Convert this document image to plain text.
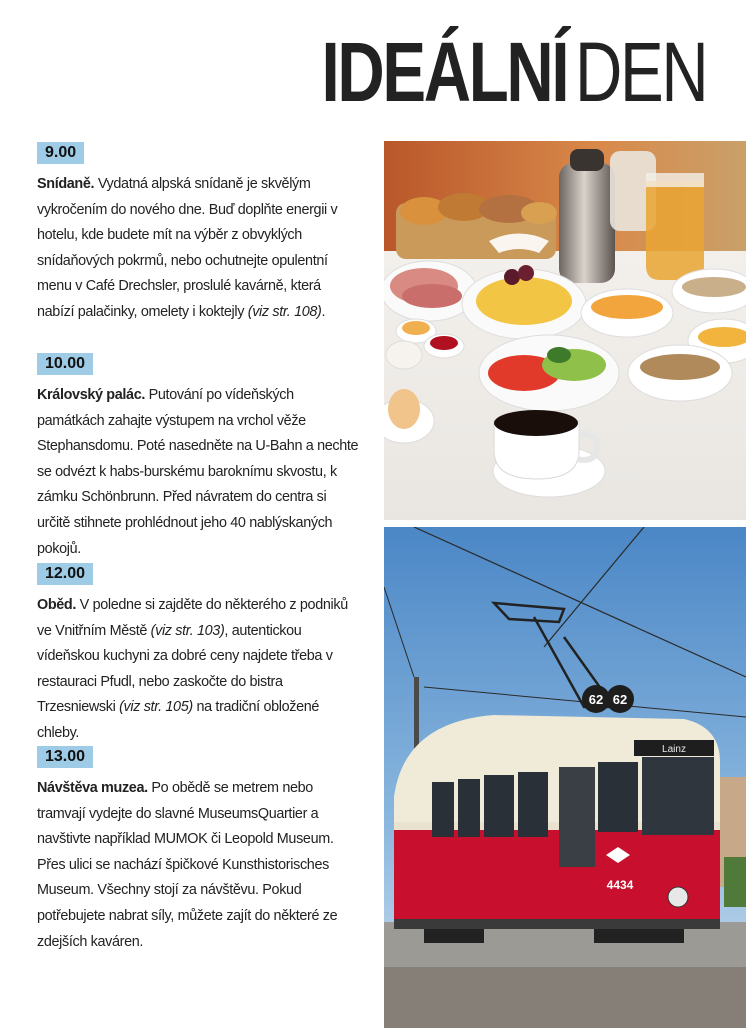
IDEÁLNÍDEN
9.00

Snídaně. Vydatná alpská snídaně je skvělým vykročením do nového dne. Buď doplňte energii v hotelu, kde budete mít na výběr z obvyklých snídaňových pokrmů, nebo ochutnejte opulentní menu v Café Drechsler, proslulé kavárně, která nabízí palačinky, omelety i koktejly (viz str. 108).

10.00

Královský palác. Putování po vídeňských památkách zahajte výstupem na vrchol věže Stephansdomu. Poté nasedněte na U-Bahn a nechte se odvézt k habs-burskému baroknímu skvostu, k zámku Schönbrunn. Před návratem do centra si určitě stihnete prohlédnout jeho 40 nablýskaných pokojů.

12.00

Oběd. V poledne si zajděte do některého z podniků ve Vnitřním Městě (viz str. 103), autentickou vídeňskou kuchyni za dobré ceny najdete třeba v restauraci Pfudl, nebo zaskočte do bistra Trzesniewski (viz str. 105) na tradiční obložené chleby.

13.00

Návštěva muzea. Po obědě se metrem nebo tramvají vydejte do slavné MuseumsQuartier a navštivte například MUMOK či Leopold Museum. Přes ulici se nachází špičkové Kunsthistorisches Museum. Všechny stojí za návštěvu. Pokud potřebujete nabrat síly, můžete zajít do některé ze zdejších kaváren.

Lainz
62 62
4434
